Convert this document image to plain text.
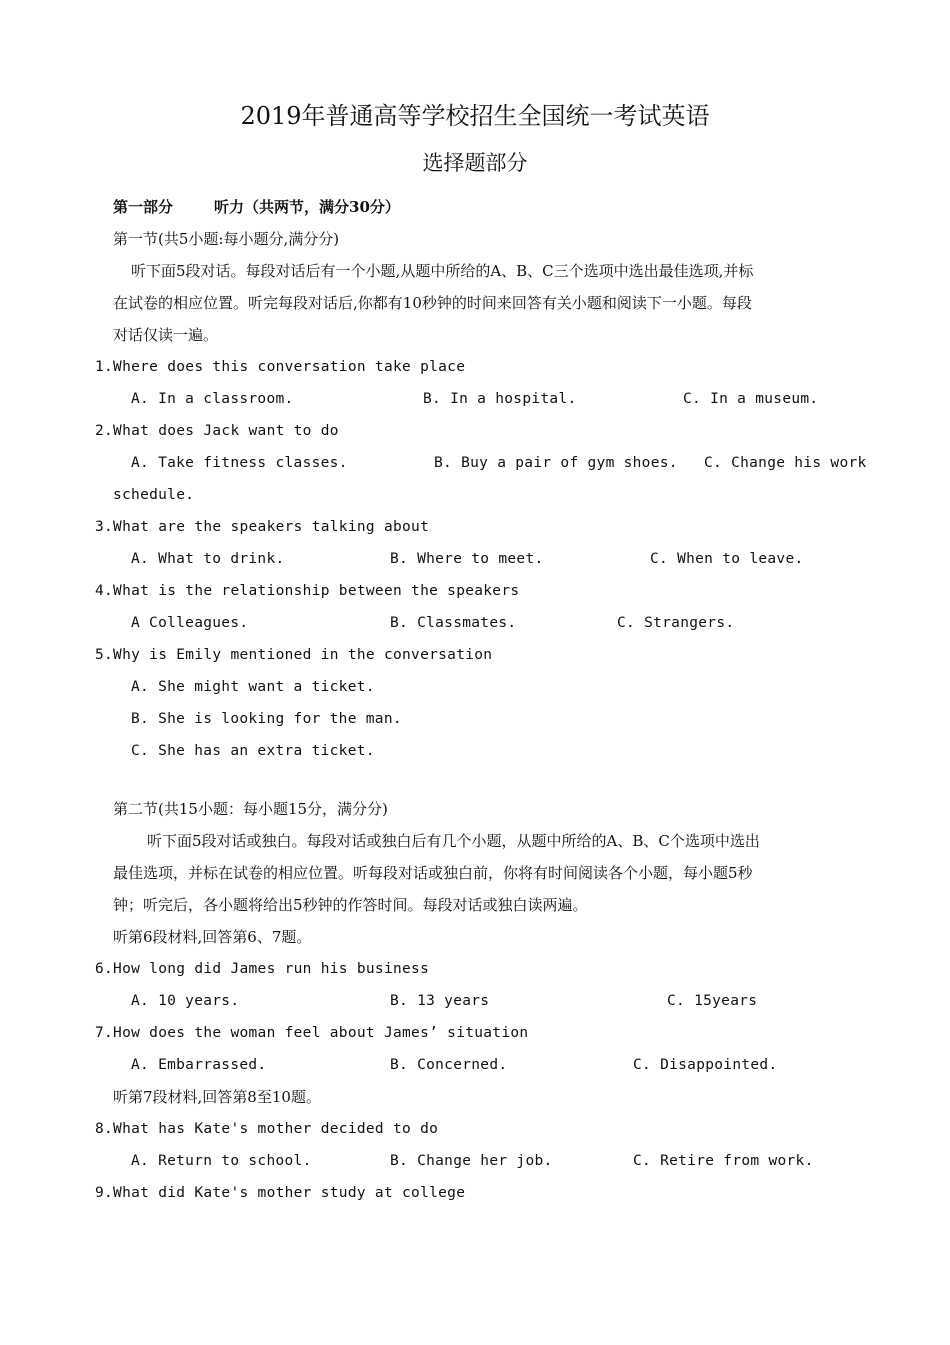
2019年普通高等学校招生全国统一考试英语
选择题部分
第一部分	听力（共两节，满分30分）
第一节(共5小题:每小题分,满分分)
听下面5段对话。每段对话后有一个小题,从题中所给的A、B、C三个选项中选出最佳选项,并标
在试卷的相应位置。听完每段对话后,你都有10秒钟的时间来回答有关小题和阅读下一小题。每段
对话仅读一遍。
1.Where does this conversation take place
A. In a classroom.	B. In a hospital.	C. In a museum.
2.What does Jack want to do
A. Take fitness classes.	B. Buy a pair of gym shoes. C. Change his work
schedule.
3.What are the speakers talking about
A. What to drink.	B. Where to meet.	C. When to leave.
4.What is the relationship between the speakers
A Colleagues.	B. Classmates.	C. Strangers.
5.Why is Emily mentioned in the conversation
A. She might want a ticket.
B. She is looking for the man.
C. She has an extra ticket.
第二节(共15小题：每小题15分，满分分)
听下面5段对话或独白。每段对话或独白后有几个小题，从题中所给的A、B、C个选项中选出
最佳选项，并标在试卷的相应位置。听每段对话或独白前，你将有时间阅读各个小题，每小题5秒
钟；听完后，各小题将给出5秒钟的作答时间。每段对话或独白读两遍。
听第6段材料,回答第6、7题。
6.How long did James run his business
A. 10 years.	B. 13 years	C. 15years
7.How does the woman feel about James’ situation
A. Embarrassed.	B. Concerned.	C. Disappointed.
听第7段材料,回答第8至10题。
8.What has Kate's mother decided to do
A. Return to school.	B. Change her job.	C. Retire from work.
9.What did Kate's mother study at college
